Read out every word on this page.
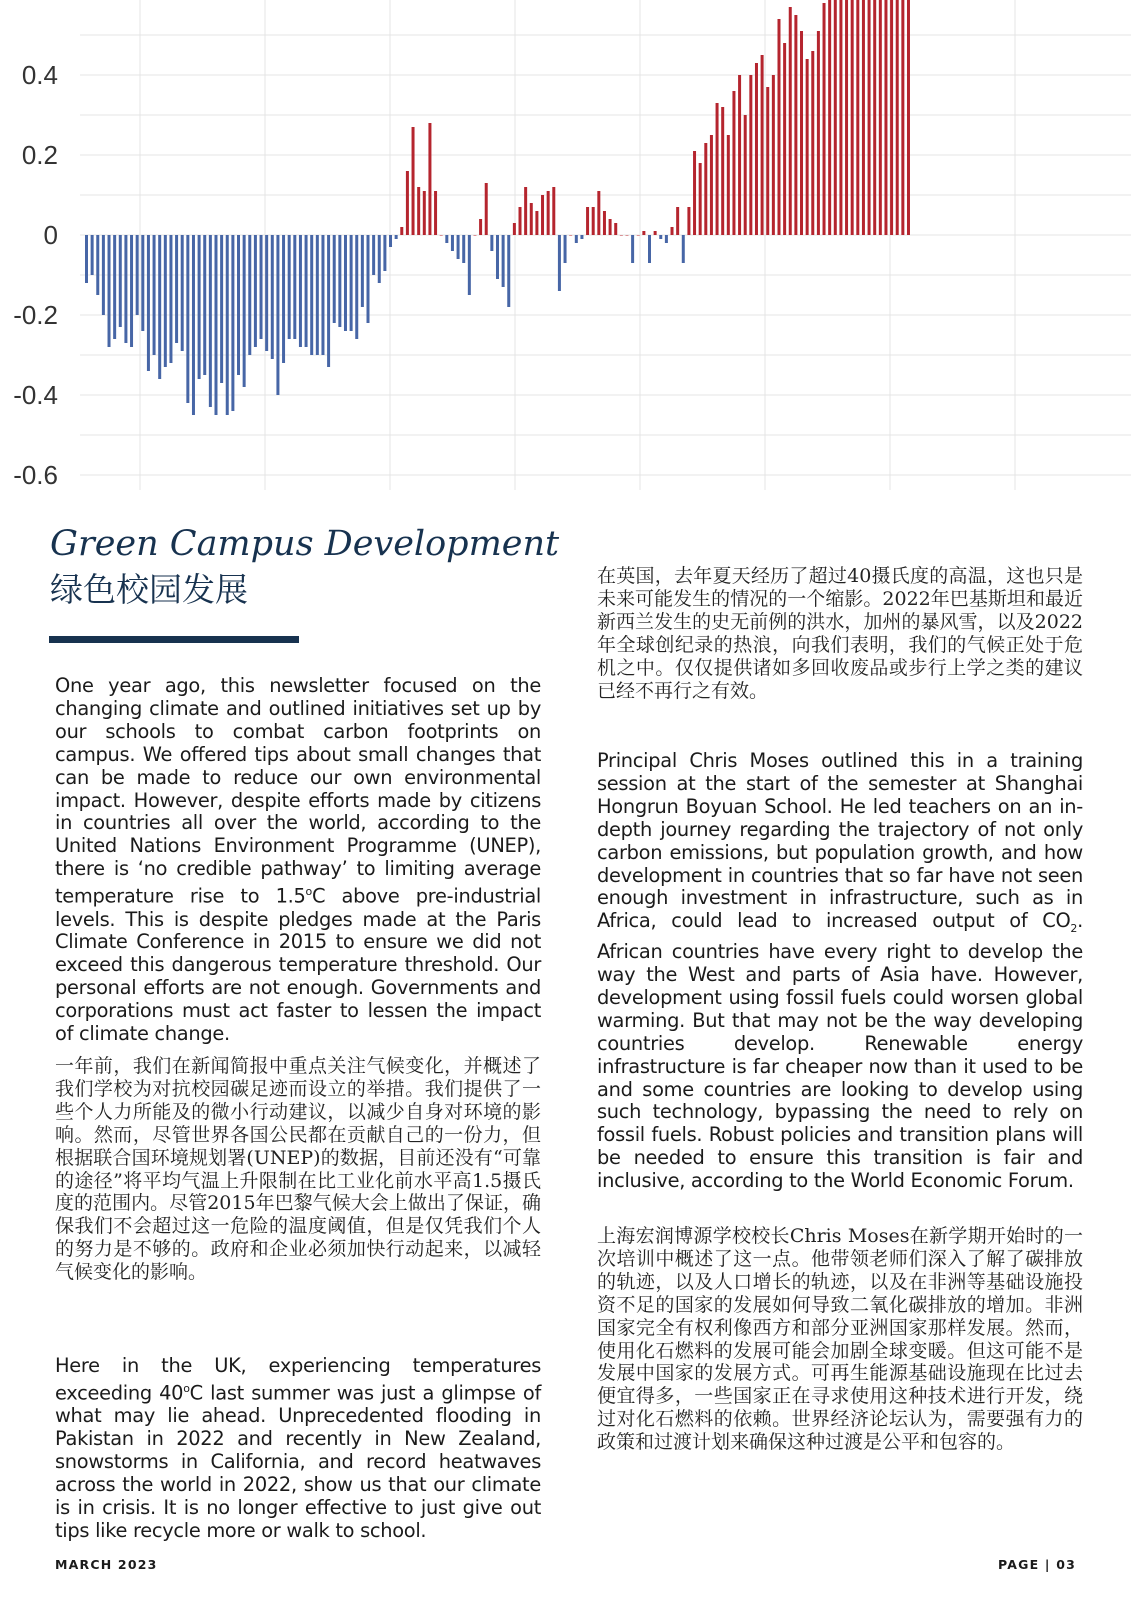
0.4
0.2
0
-0.2
-0.4
-0.6
Green Campus Development
绿色校园发展

One year ago, this newsletter focused on the changing climate and outlined initiatives set up by our schools to combat carbon footprints on campus. We offered tips about small changes that can be made to reduce our own environmental impact. However, despite efforts made by citizens in countries all over the world, according to the United Nations Environment Programme (UNEP), there is ‘no credible pathway’ to limiting average temperature rise to 1.5$^o$C above pre-industrial levels. This is despite pledges made at the Paris Climate Conference in 2015 to ensure we did not exceed this dangerous temperature threshold. Our personal efforts are not enough. Governments and corporations must act faster to lessen the impact of climate change.

一年前，我们在新闻简报中重点关注气候变化，并概述了我们学校为对抗校园碳足迹而设立的举措。我们提供了一些个人力所能及的微小行动建议，以减少自身对环境的影响。然而，尽管世界各国公民都在贡献自己的一份力，但根据联合国环境规划署(UNEP)的数据，目前还没有“可靠的途径”将平均气温上升限制在比工业化前水平高1.5摄氏度的范围内。尽管2015年巴黎气候大会上做出了保证，确保我们不会超过这一危险的温度阈值，但是仅凭我们个人的努力是不够的。政府和企业必须加快行动起来，以减轻气候变化的影响。

Here in the UK, experiencing temperatures exceeding 40$^o$C last summer was just a glimpse of what may lie ahead. Unprecedented flooding in Pakistan in 2022 and recently in New Zealand, snowstorms in California, and record heatwaves across the world in 2022, show us that our climate is in crisis. It is no longer effective to just give out tips like recycle more or walk to school.

在英国，去年夏天经历了超过40摄氏度的高温，这也只是未来可能发生的情况的一个缩影。2022年巴基斯坦和最近新西兰发生的史无前例的洪水，加州的暴风雪，以及2022年全球创纪录的热浪，向我们表明，我们的气候正处于危机之中。仅仅提供诸如多回收废品或步行上学之类的建议已经不再行之有效。

Principal Chris Moses outlined this in a training session at the start of the semester at Shanghai Hongrun Boyuan School. He led teachers on an in-depth journey regarding the trajectory of not only carbon emissions, but population growth, and how development in countries that so far have not seen enough investment in infrastructure, such as in Africa, could lead to increased output of $CO_2$. African countries have every right to develop the way the West and parts of Asia have. However, development using fossil fuels could worsen global warming. But that may not be the way developing countries develop. Renewable energy infrastructure is far cheaper now than it used to be and some countries are looking to develop using such technology, bypassing the need to rely on fossil fuels. Robust policies and transition plans will be needed to ensure this transition is fair and inclusive, according to the World Economic Forum.

上海宏润博源学校校长Chris Moses在新学期开始时的一次培训中概述了这一点。他带领老师们深入了解了碳排放的轨迹，以及人口增长的轨迹，以及在非洲等基础设施投资不足的国家的发展如何导致二氧化碳排放的增加。非洲国家完全有权利像西方和部分亚洲国家那样发展。然而，使用化石燃料的发展可能会加剧全球变暖。但这可能不是发展中国家的发展方式。可再生能源基础设施现在比过去便宜得多，一些国家正在寻求使用这种技术进行开发，绕过对化石燃料的依赖。世界经济论坛认为，需要强有力的政策和过渡计划来确保这种过渡是公平和包容的。

MARCH 2023	PAGE | 03
